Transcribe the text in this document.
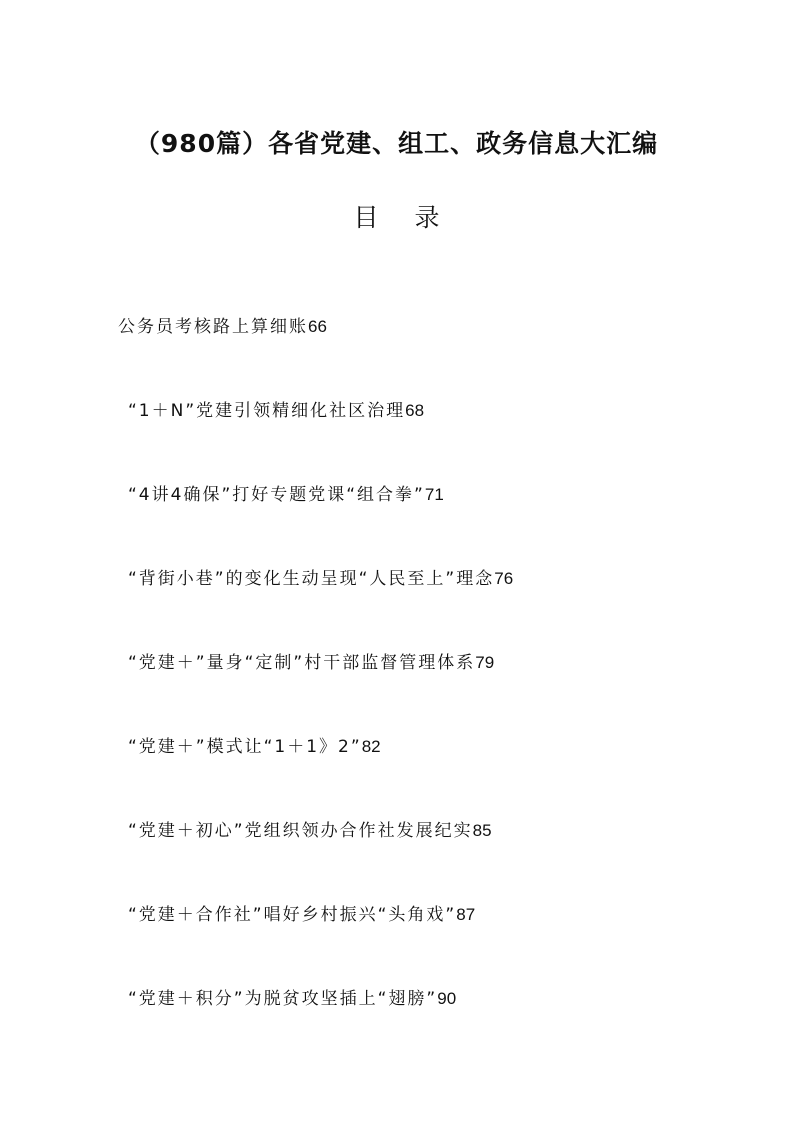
（980篇）各省党建、组工、政务信息大汇编
目 录
公务员考核路上算细账66
“1＋N”党建引领精细化社区治理68
“4讲4确保”打好专题党课“组合拳”71
“背街小巷”的变化生动呈现“人民至上”理念76
“党建＋”量身“定制”村干部监督管理体系79
“党建＋”模式让“1＋1》2”82
“党建＋初心”党组织领办合作社发展纪实85
“党建＋合作社”唱好乡村振兴“头角戏”87
“党建＋积分”为脱贫攻坚插上“翅膀”90
